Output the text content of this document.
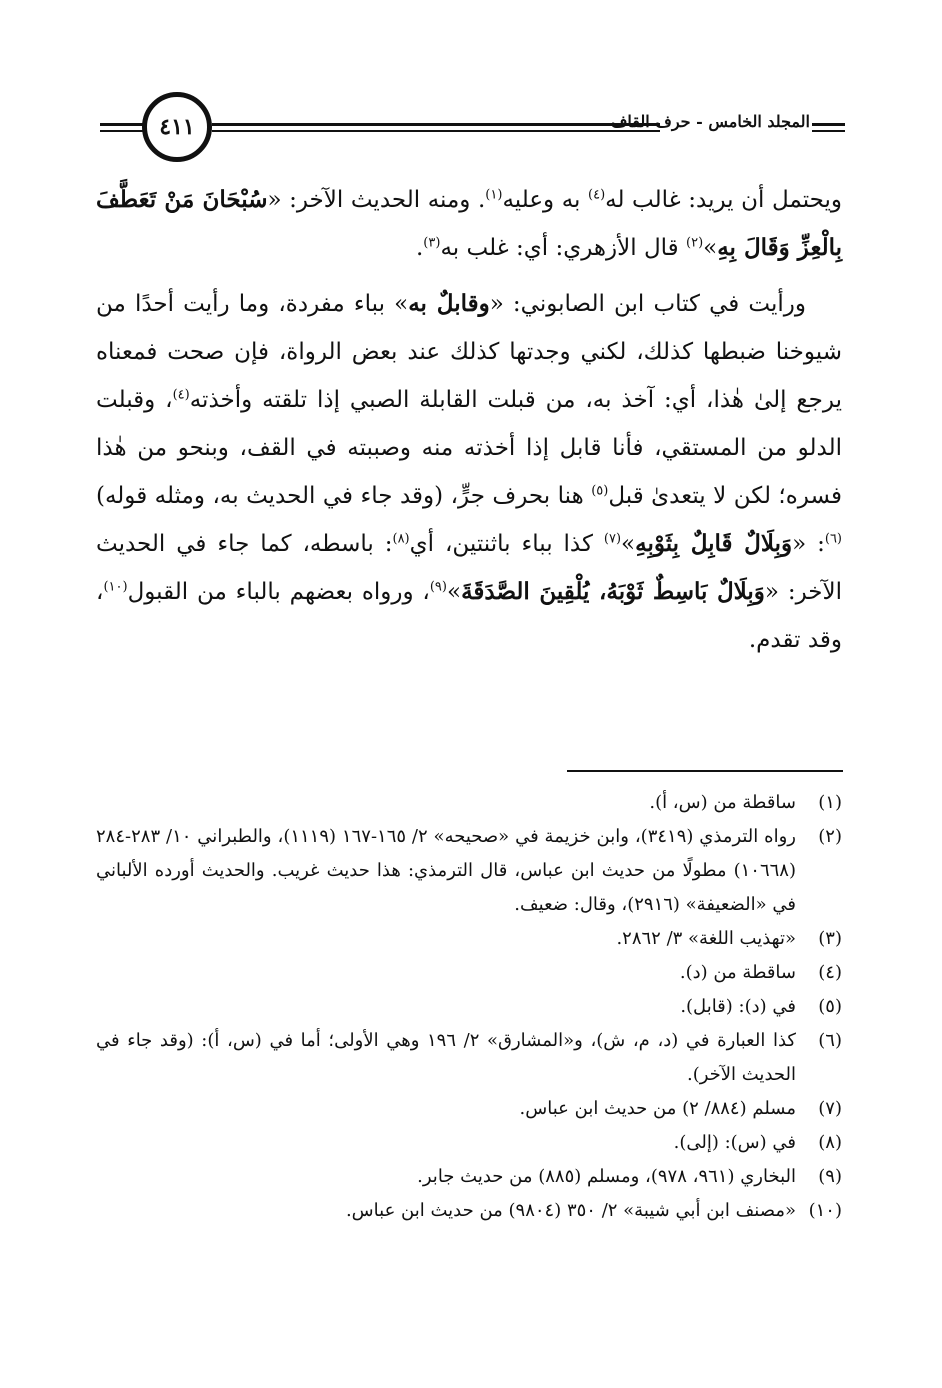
٤١١	المجلد الخامس - حرف القاف

ويحتمل أن يريد: غالب له$^{(٤)}$ به وعليه$^{(١)}$. ومنه الحديث الآخر: «سُبْحَانَ مَنْ تَعَطَّفَ بِالْعِزِّ وَقَالَ بِهِ»$^{(٢)}$ قال الأزهري: أي: غلب به$^{(٣)}$.

ورأيت في كتاب ابن الصابوني: «وقابلٌ به» بباء مفردة، وما رأيت أحدًا من شيوخنا ضبطها كذلك، لكني وجدتها كذلك عند بعض الرواة، فإن صحت فمعناه يرجع إلىٰ هٰذا، أي: آخذ به، من قبلت القابلة الصبي إذا تلقته وأخذته$^{(٤)}$، وقبلت الدلو من المستقي، فأنا قابل إذا أخذته منه وصببته في القف، وبنحو من هٰذا فسره؛ لكن لا يتعدىٰ قبل$^{(٥)}$ هنا بحرف جرٍّ، (وقد جاء في الحديث به، ومثله قوله)$^{(٦)}$: «وَبِلَالٌ قَابِلٌ بِثَوْبِهِ»$^{(٧)}$ كذا بباء باثنتين، أي$^{(٨)}$: باسطه، كما جاء في الحديث الآخر: «وَبِلَالٌ بَاسِطٌ ثَوْبَهُ، يُلْقِينَ الصَّدَقَةَ»$^{(٩)}$، ورواه بعضهم بالباء من القبول$^{(١٠)}$، وقد تقدم.

(١)
ساقطة من (س، أ).
(٢)
رواه الترمذي (٣٤١٩)، وابن خزيمة في «صحيحه» ٢/ ١٦٥-١٦٧ (١١١٩)، والطبراني ١٠/ ٢٨٣-٢٨٤ (١٠٦٦٨) مطولًا من حديث ابن عباس، قال الترمذي: هذا حديث غريب. والحديث أورده الألباني في «الضعيفة» (٢٩١٦)، وقال: ضعيف.
(٣)
«تهذيب اللغة» ٣/ ٢٨٦٢.
(٤)
ساقطة من (د).
(٥)
في (د): (قابل).
(٦)
كذا العبارة في (د، م، ش)، و«المشارق» ٢/ ١٩٦ وهي الأولى؛ أما في (س، أ): (وقد جاء في الحديث الآخر).
(٧)
مسلم (٨٨٤/ ٢) من حديث ابن عباس.
(٨)
في (س): (إلى).
(٩)
البخاري (٩٦١، ٩٧٨)، ومسلم (٨٨٥) من حديث جابر.
(١٠)
«مصنف ابن أبي شيبة» ٢/ ٣٥٠ (٩٨٠٤) من حديث ابن عباس.
